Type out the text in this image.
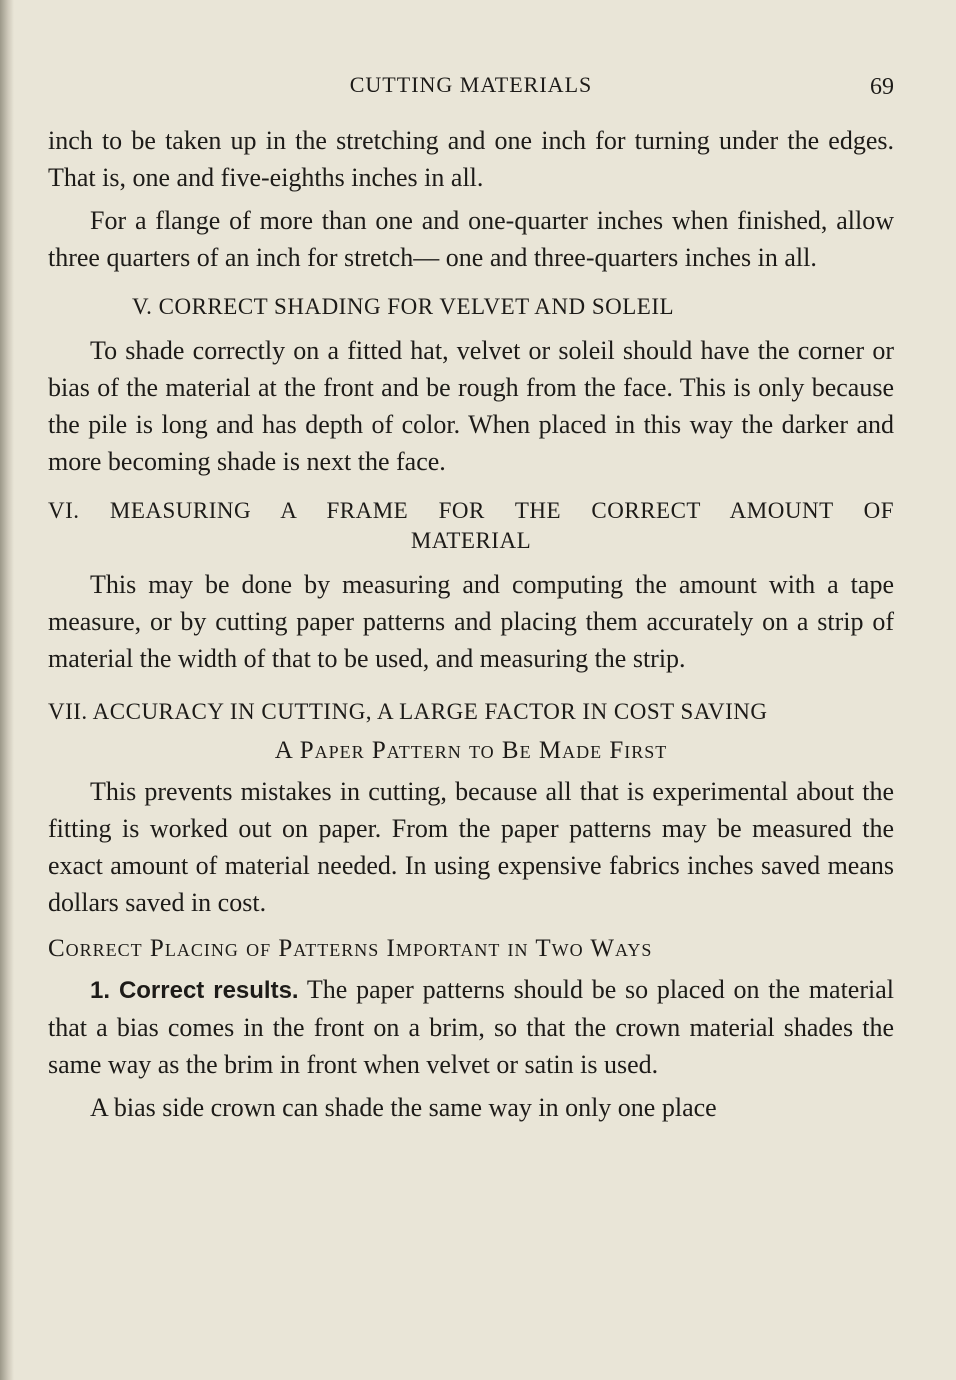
CUTTING MATERIALS	69

inch to be taken up in the stretching and one inch for turning under the edges. That is, one and five-eighths inches in all.

For a flange of more than one and one-quarter inches when finished, allow three quarters of an inch for stretch— one and three-quarters inches in all.

V. CORRECT SHADING FOR VELVET AND SOLEIL

To shade correctly on a fitted hat, velvet or soleil should have the corner or bias of the material at the front and be rough from the face. This is only because the pile is long and has depth of color. When placed in this way the darker and more becoming shade is next the face.

VI. MEASURING A FRAME FOR THE CORRECT AMOUNT OF
MATERIAL

This may be done by measuring and computing the amount with a tape measure, or by cutting paper patterns and placing them accurately on a strip of material the width of that to be used, and measuring the strip.

VII. ACCURACY IN CUTTING, A LARGE FACTOR IN COST SAVING
A Paper Pattern to Be Made First

This prevents mistakes in cutting, because all that is experimental about the fitting is worked out on paper. From the paper patterns may be measured the exact amount of material needed. In using expensive fabrics inches saved means dollars saved in cost.

Correct Placing of Patterns Important in Two Ways

1. Correct results. The paper patterns should be so placed on the material that a bias comes in the front on a brim, so that the crown material shades the same way as the brim in front when velvet or satin is used.

A bias side crown can shade the same way in only one place
